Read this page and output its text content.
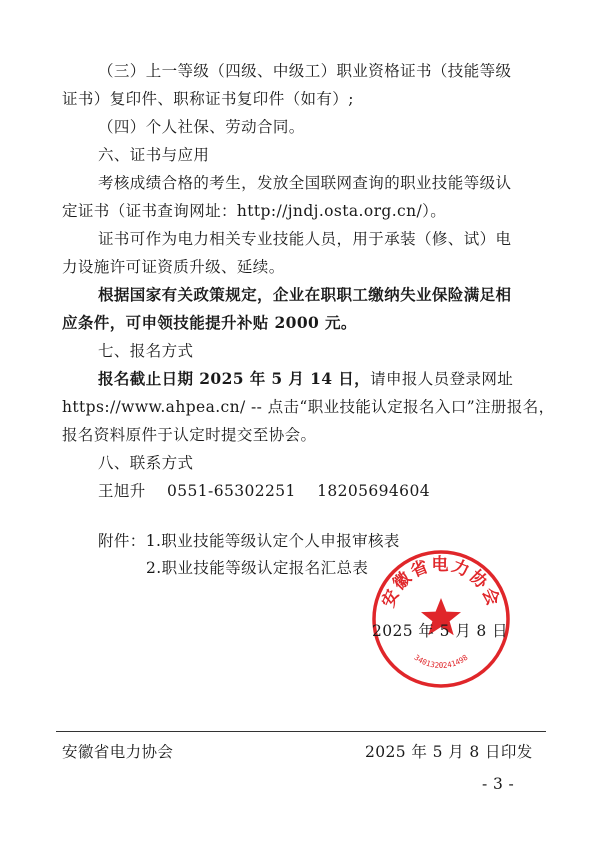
（三）上一等级（四级、中级工）职业资格证书（技能等级
证书）复印件、职称证书复印件（如有）;
（四）个人社保、劳动合同。
六、证书与应用
考核成绩合格的考生，发放全国联网查询的职业技能等级认
定证书（证书查询网址：http://jndj.osta.org.cn/）。
证书可作为电力相关专业技能人员，用于承装（修、试）电
力设施许可证资质升级、延续。
根据国家有关政策规定，企业在职职工缴纳失业保险满足相
应条件，可申领技能提升补贴 2000 元。
七、报名方式
报名截止日期 2025 年 5 月 14 日，请申报人员登录网址
https://www.ahpea.cn/ -- 点击“职业技能认定报名入口”注册报名，
报名资料原件于认定时提交至协会。
八、联系方式
王旭升    0551-65302251    18205694604
附件：1.职业技能等级认定个人申报审核表
2.职业技能等级认定报名汇总表
安徽省电力协会
3401320241498
2025 年 5 月 8 日
安徽省电力协会	2025 年 5 月 8 日印发
- 3 -
